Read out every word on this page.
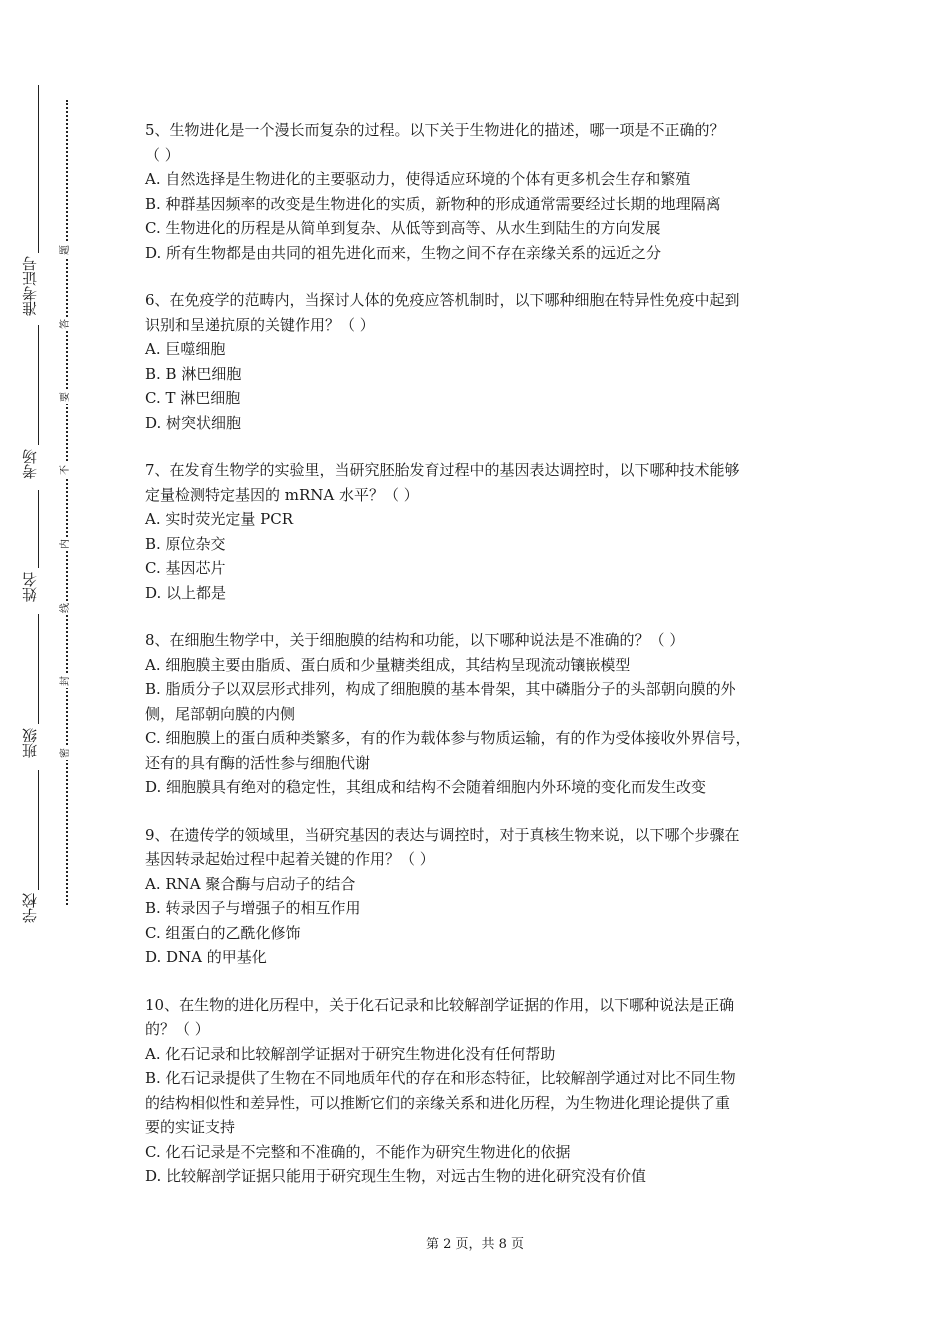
准考证号
考场
姓名
班级
学校
题
答
要
不
内
线
封
密

5、生物进化是一个漫长而复杂的过程。以下关于生物进化的描述，哪一项是不正确的？

（ ）

A. 自然选择是生物进化的主要驱动力，使得适应环境的个体有更多机会生存和繁殖

B. 种群基因频率的改变是生物进化的实质，新物种的形成通常需要经过长期的地理隔离

C. 生物进化的历程是从简单到复杂、从低等到高等、从水生到陆生的方向发展

D. 所有生物都是由共同的祖先进化而来，生物之间不存在亲缘关系的远近之分

6、在免疫学的范畴内，当探讨人体的免疫应答机制时，以下哪种细胞在特异性免疫中起到

识别和呈递抗原的关键作用？（ ）

A. 巨噬细胞

B. B 淋巴细胞

C. T 淋巴细胞

D. 树突状细胞

7、在发育生物学的实验里，当研究胚胎发育过程中的基因表达调控时，以下哪种技术能够

定量检测特定基因的 mRNA 水平？（ ）

A. 实时荧光定量 PCR

B. 原位杂交

C. 基因芯片

D. 以上都是

8、在细胞生物学中，关于细胞膜的结构和功能，以下哪种说法是不准确的？（ ）

A. 细胞膜主要由脂质、蛋白质和少量糖类组成，其结构呈现流动镶嵌模型

B. 脂质分子以双层形式排列，构成了细胞膜的基本骨架，其中磷脂分子的头部朝向膜的外

侧，尾部朝向膜的内侧

C. 细胞膜上的蛋白质种类繁多，有的作为载体参与物质运输，有的作为受体接收外界信号，

还有的具有酶的活性参与细胞代谢

D. 细胞膜具有绝对的稳定性，其组成和结构不会随着细胞内外环境的变化而发生改变

9、在遗传学的领域里，当研究基因的表达与调控时，对于真核生物来说，以下哪个步骤在

基因转录起始过程中起着关键的作用？（ ）

A. RNA 聚合酶与启动子的结合

B. 转录因子与增强子的相互作用

C. 组蛋白的乙酰化修饰

D. DNA 的甲基化

10、在生物的进化历程中，关于化石记录和比较解剖学证据的作用，以下哪种说法是正确

的？（ ）

A. 化石记录和比较解剖学证据对于研究生物进化没有任何帮助

B. 化石记录提供了生物在不同地质年代的存在和形态特征，比较解剖学通过对比不同生物

的结构相似性和差异性，可以推断它们的亲缘关系和进化历程，为生物进化理论提供了重

要的实证支持

C. 化石记录是不完整和不准确的，不能作为研究生物进化的依据

D. 比较解剖学证据只能用于研究现生生物，对远古生物的进化研究没有价值

第 2 页，共 8 页
